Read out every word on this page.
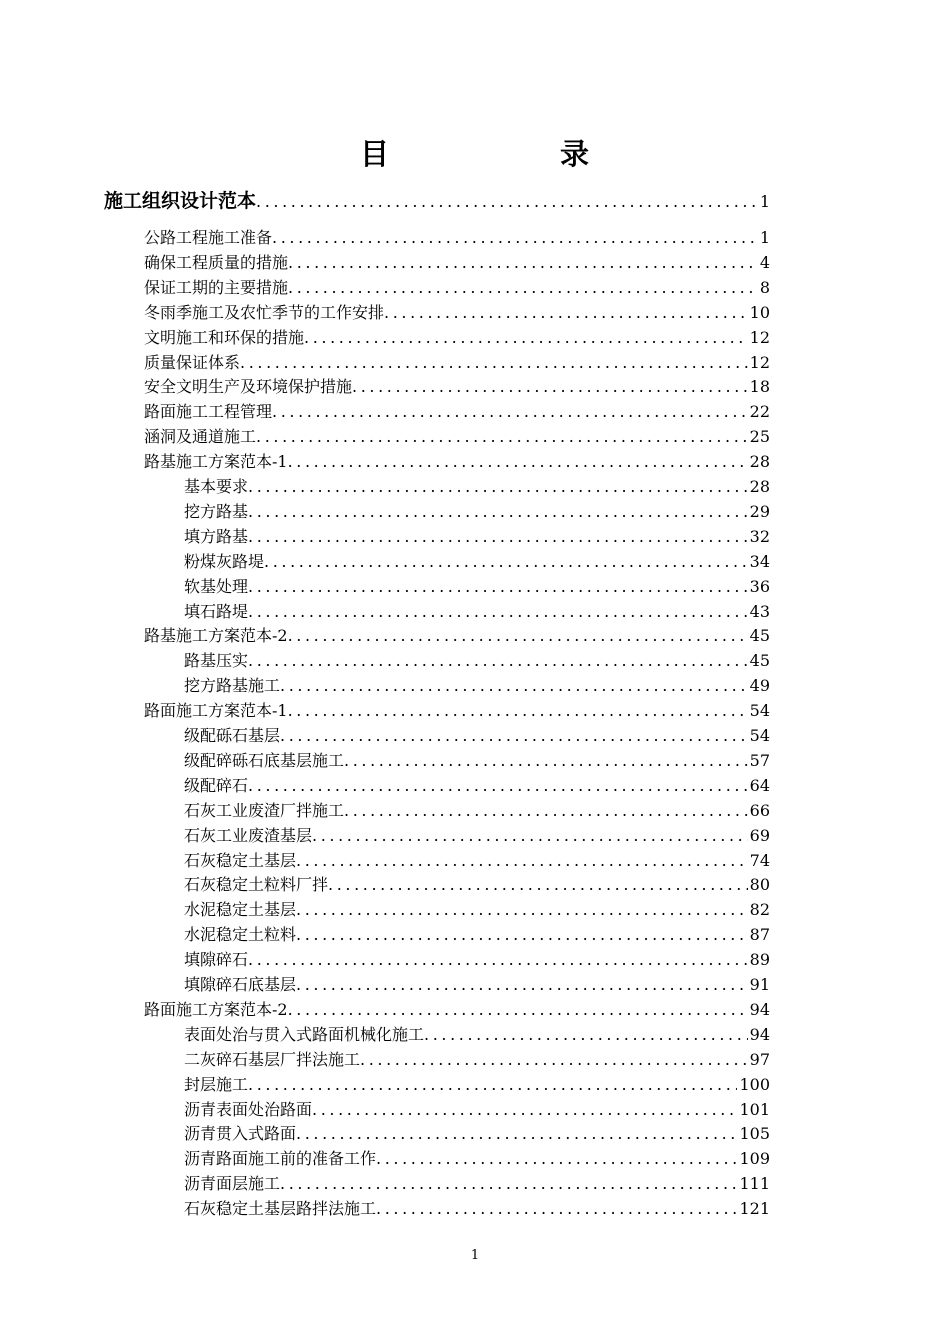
目	录
施工组织设计范本 .....	1
公路工程施工准备 .....	1
确保工程质量的措施 .....	4
保证工期的主要措施 .....	8
冬雨季施工及农忙季节的工作安排 .....	10
文明施工和环保的措施 .....	12
质量保证体系 .....	12
安全文明生产及环境保护措施 .....	18
路面施工工程管理 .....	22
涵洞及通道施工 .....	25
路基施工方案范本-1 .....	28
基本要求 .....	28
挖方路基 .....	29
填方路基 .....	32
粉煤灰路堤 .....	34
软基处理 .....	36
填石路堤 .....	43
路基施工方案范本-2 .....	45
路基压实 .....	45
挖方路基施工 .....	49
路面施工方案范本-1 .....	54
级配砾石基层 .....	54
级配碎砾石底基层施工 .....	57
级配碎石 .....	64
石灰工业废渣厂拌施工 .....	66
石灰工业废渣基层 .....	69
石灰稳定土基层 .....	74
石灰稳定土粒料厂拌 .....	80
水泥稳定土基层 .....	82
水泥稳定土粒料 .....	87
填隙碎石 .....	89
填隙碎石底基层 .....	91
路面施工方案范本-2 .....	94
表面处治与贯入式路面机械化施工 .....	94
二灰碎石基层厂拌法施工 .....	97
封层施工 .....	100
沥青表面处治路面 .....	101
沥青贯入式路面 .....	105
沥青路面施工前的准备工作 .....	109
沥青面层施工 .....	111
石灰稳定土基层路拌法施工 .....	121
1
